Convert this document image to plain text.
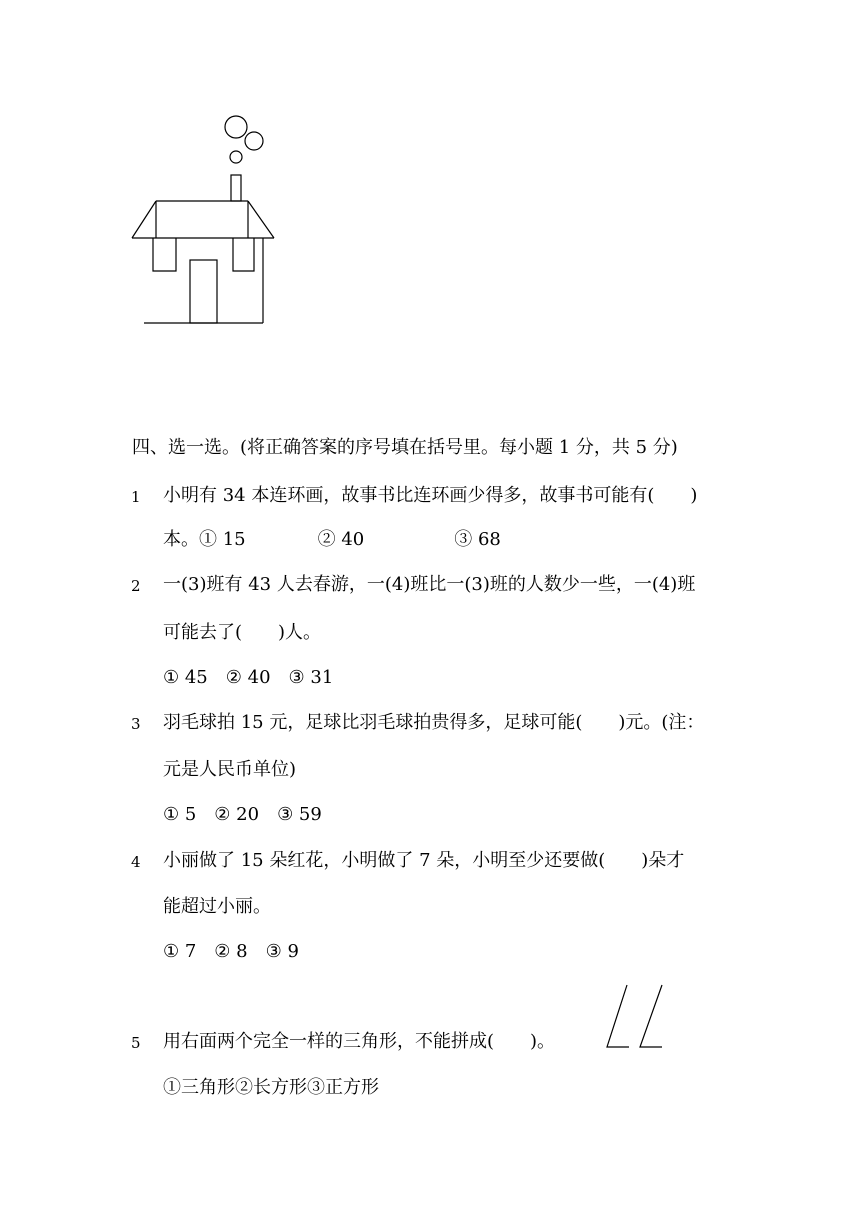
四、选一选。(将正确答案的序号填在括号里。每小题 1 分，共 5 分)
1 小明有 34 本连环画，故事书比连环画少得多，故事书可能有(　　)
本。① 15　　　　② 40　　　　　③ 68
2 一(3)班有 43 人去春游，一(4)班比一(3)班的人数少一些，一(4)班
可能去了(　　)人。
① 45　② 40　③ 31
3 羽毛球拍 15 元，足球比羽毛球拍贵得多，足球可能(　　)元。(注：
元是人民币单位)
① 5　② 20　③ 59
4 小丽做了 15 朵红花，小明做了 7 朵，小明至少还要做(　　)朵才
能超过小丽。
① 7　② 8　③ 9
5 用右面两个完全一样的三角形，不能拼成(　　)。
①三角形②长方形③正方形
